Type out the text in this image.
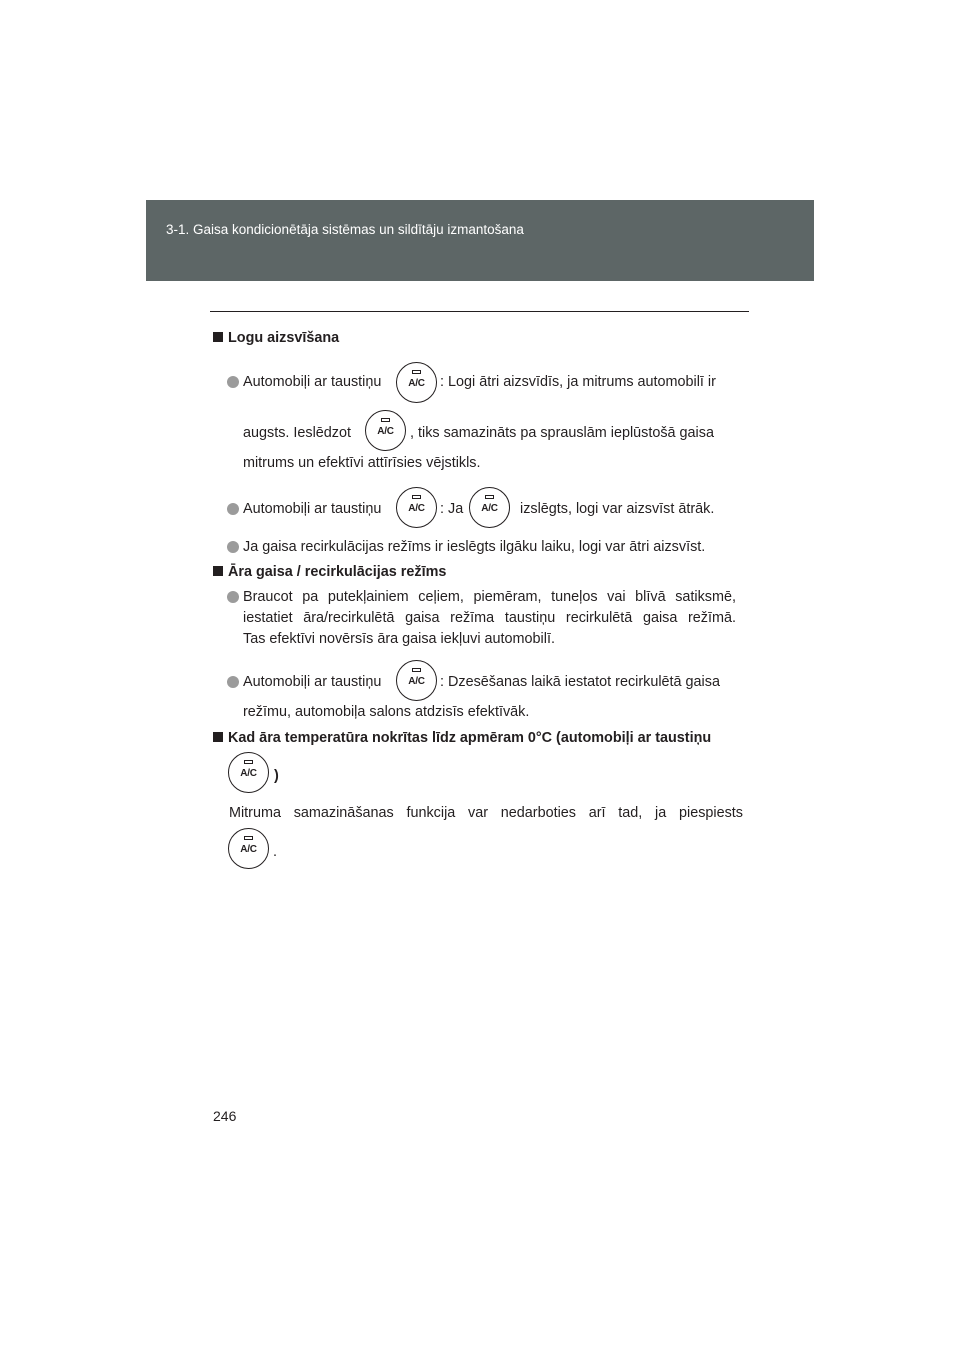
3-1. Gaisa kondicionētāja sistēmas un sildītāju izmantošana
Logu aizsvīšana
Automobiļi ar taustiņu	A/C	: Logi ātri aizsvīdīs, ja mitrums automobilī ir
augsts. Ieslēdzot	A/C	, tiks samazināts pa sprauslām ieplūstošā gaisa
mitrums un efektīvi attīrīsies vējstikls.
Automobiļi ar taustiņu	A/C	: Ja	A/C	izslēgts, logi var aizsvīst ātrāk.
Ja gaisa recirkulācijas režīms ir ieslēgts ilgāku laiku, logi var ātri aizsvīst.
Āra gaisa / recirkulācijas režīms
Braucot pa putekļainiem ceļiem, piemēram, tuneļos vai blīvā satiksmē,
iestatiet āra/recirkulētā gaisa režīma taustiņu recirkulētā gaisa režīmā.
Tas efektīvi novērsīs āra gaisa iekļuvi automobilī.
Automobiļi ar taustiņu	A/C	: Dzesēšanas laikā iestatot recirkulētā gaisa
režīmu, automobiļa salons atdzisīs efektīvāk.
Kad āra temperatūra nokrītas līdz apmēram 0°C (automobiļi ar taustiņu
A/C	)
Mitruma samazināšanas funkcija var nedarboties arī tad, ja piespiests
A/C	.
246
